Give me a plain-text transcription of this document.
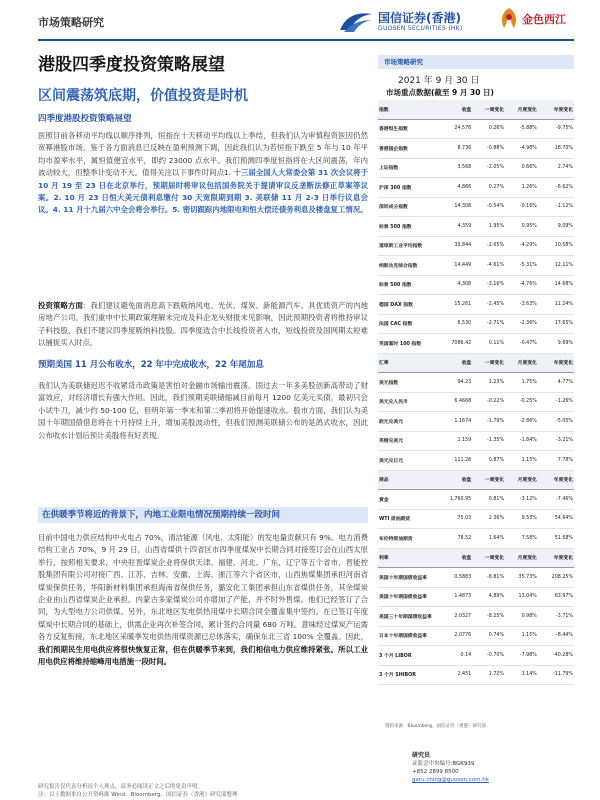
市场策略研究	国信证券(香港)
GUOSEN SECURITIES (HK)
金色西江
港股四季度投资策略展望
区间震荡筑底期，价值投资是时机
四季度港股投资策略展望
医照目前各移动平均线以顺序排列，恒指在十天移动平均线以上季结，但我们认为审慎程资医因仍然宽幂港股市场。鉴于各方面消息已反映在盈利预测下调，因此我们认为若恒指下跌至 5 年与 10 年平均市盈率水平，属恒值便宜水平，即约 23000 点水平。我们预测四季度恒指将在大区间震荡，年内波动较大，但整季计变动不大。值得关注以下事件时间点1. 十三届全国人大常委会第 31 次会议将于 10 月 19 至 23 日在北京举行，预期届时将审议包括国务院关于提请审议反垄断法修正草案等议案。2. 10 月 23 日恒大美元债利息缴付 30 天宽限期到期 3. 美联储 11 月 2-3 日举行议息会议。4. 11 月十九届六中全会将会举行。5. 密切跟踪内地限电和恒大偿还债务利息及楼盘复工情况。
投资策略方面：我们建议避免面消息高下跌吸纳风电、光伏、煤炭、新能源汽车、具优质资产的内地房地产公司。我们重申中长期政策理解未完成及科企龙头财报未见影响，因此预期投资者将维持审议子科技股，我们不建议四季度吸纳科技股。四季度选合中长线投资者入市，短线投资及国网期太短难以捕捉买入时点。
预期美国 11 月公布收水，22 年中完成收水，22 年尾加息
我们认为美联储迟迟不收紧货币政策是害怕对金融市场输出震荡。固过去一年多美股创新高带动了财富效应，对经济增长有强大作用。因此，我们预期美联储缩减目前每月 1200 亿美元买债，最初只会小试牛刀，减少约 50-100 亿，但明年第一季末和第二季初将开始提速收水。股市方面，我们认为美国十年期国债借息将在十月持续上升，增加美股波动性，但我们预测美联储公布的是鸽式收水，因此公布收水计划后预计美股将有好表现。
在供暖季节将近的背景下，内地工业限电情况预期持续一段时间
目前中国电力供应结构中火电占 70%，清洁能源（风电、太阳能）的发电量贡献只有 9%。电力消费结构工业占 70%，9 月 29 日，山西省煤供十四省区市四季度煤炭中长期合同对接签订会在山西太原举行，按照相关要求，中央驻晋煤炭企业将保供天津、福建、河北、广东、辽宁等五个省市，晋能控股集团有限公司对接广西、江苏、吉林、安徽、上海、浙江等六个省区市，山西焦煤集团承担河南省煤炭保供任务，华阳新材料集团承担海南省保供任务，潞安化工集团承担山东省煤供任务，其余煤炭企业由山西省煤炭企业承担。内蒙古多家煤炭公司亦增加了产能，并不时外售煤。他们已经签订了合同，为大型电力公司供煤。另外，东北地区发电供热用煤中长期合同全覆盖集中签约。在已签订年度煤炭中长期合同的基础上，供需企业再次补签合同，累计签约合同量 680 万吨。意味经过煤炭产运需各方反复衔接，东北地区采暖季发电供热用煤资源已总体落实，确保东北三省 100% 全覆盖。因此，我们预期民生用电供应将很快恢复正常，但在供暖季节来到，我们相信电力供应维持紧张。所以工业用电供应将维持缩峰用电措施一段时间。
市场策略研究
2021 年 9 月 30 日
市场重点数据(截至 9 月 30 日)
指数	收盘	一周变化	月度变化	年度变化
香港恒生指数	24,576	0.26%	-5.88%	-9.75%
香港国企指数	8,736	-0.88%	-4.98%	-18.70%
上证指数	3,568	-2.05%	0.66%	2.74%
沪深 300 指数	4,866	0.27%	1.26%	-6.62%
深圳成分指数	14,308	-0.54%	-0.16%	-1.12%
标普 500 指数	4,359	1.95%	0.95%	9.09%
道琼斯工业平均指数	33,844	-2.65%	-4.29%	10.58%
纳斯达克综合指数	14,449	-4.61%	-5.31%	12.11%
标普 500 指数	4,308	-3.16%	-4.76%	14.68%
德国 DAX 指数	15,261	-2.45%	-3.63%	11.24%
法国 CAC 指数	6,530	-2.71%	-2.36%	17.65%
英国富时 100 指数	7086.42	0.11%	-0.47%	9.69%
汇率	收盘	一周变化	月度变化	年度变化
美元指数	94.23	1.23%	1.75%	4.77%
美元兑人民币	6.4668	-0.22%	-0.25%	-1.26%
欧元兑美元	1.1674	-1.79%	-2.86%	-5.05%
英镑兑美元	1.159	-1.35%	-1.84%	-3.21%
美元兑日元	111.28	0.87%	1.15%	7.78%
商品	收盘	一周变化	月度变化	年度变化
黄金	1,760.95	0.81%	-3.12%	-7.46%
WTI 原油期货	75.03	2.36%	9.53%	54.64%
布伦特原油期货	78.52	1.64%	7.58%	51.58%
利率	收盘	一周变化	月度变化	年度变化
美国十年期国债收益率	0.5883	-8.81%	35.73%	208.25%
美国十年期国债收益率	1.4873	4.89%	13.04%	63.97%
美国三十年期国债收益率	2.0327	-8.25%	0.98%	-3.71%
日本十年期国债收益率	2.0776	0.74%	1.15%	-8.44%
3 个月 LIBOR	0.14	-0.70%	-7.98%	-40.28%
3 个月 SHIBOR	2.451	1.72%	3.14%	-11.79%
资料来源：Bloomberg，国信证券（香港）研究部
研究员
证监会中央编号:BGK939
+852 2899 8500
garu.ching@guosen.com.hk
研究报告仅代表分析员个人观点，请务必阅读正文之后的免责声明。
注：以上数据来自公开资料源 Wind、Bloomberg、国信证券（香港）研究部整理
